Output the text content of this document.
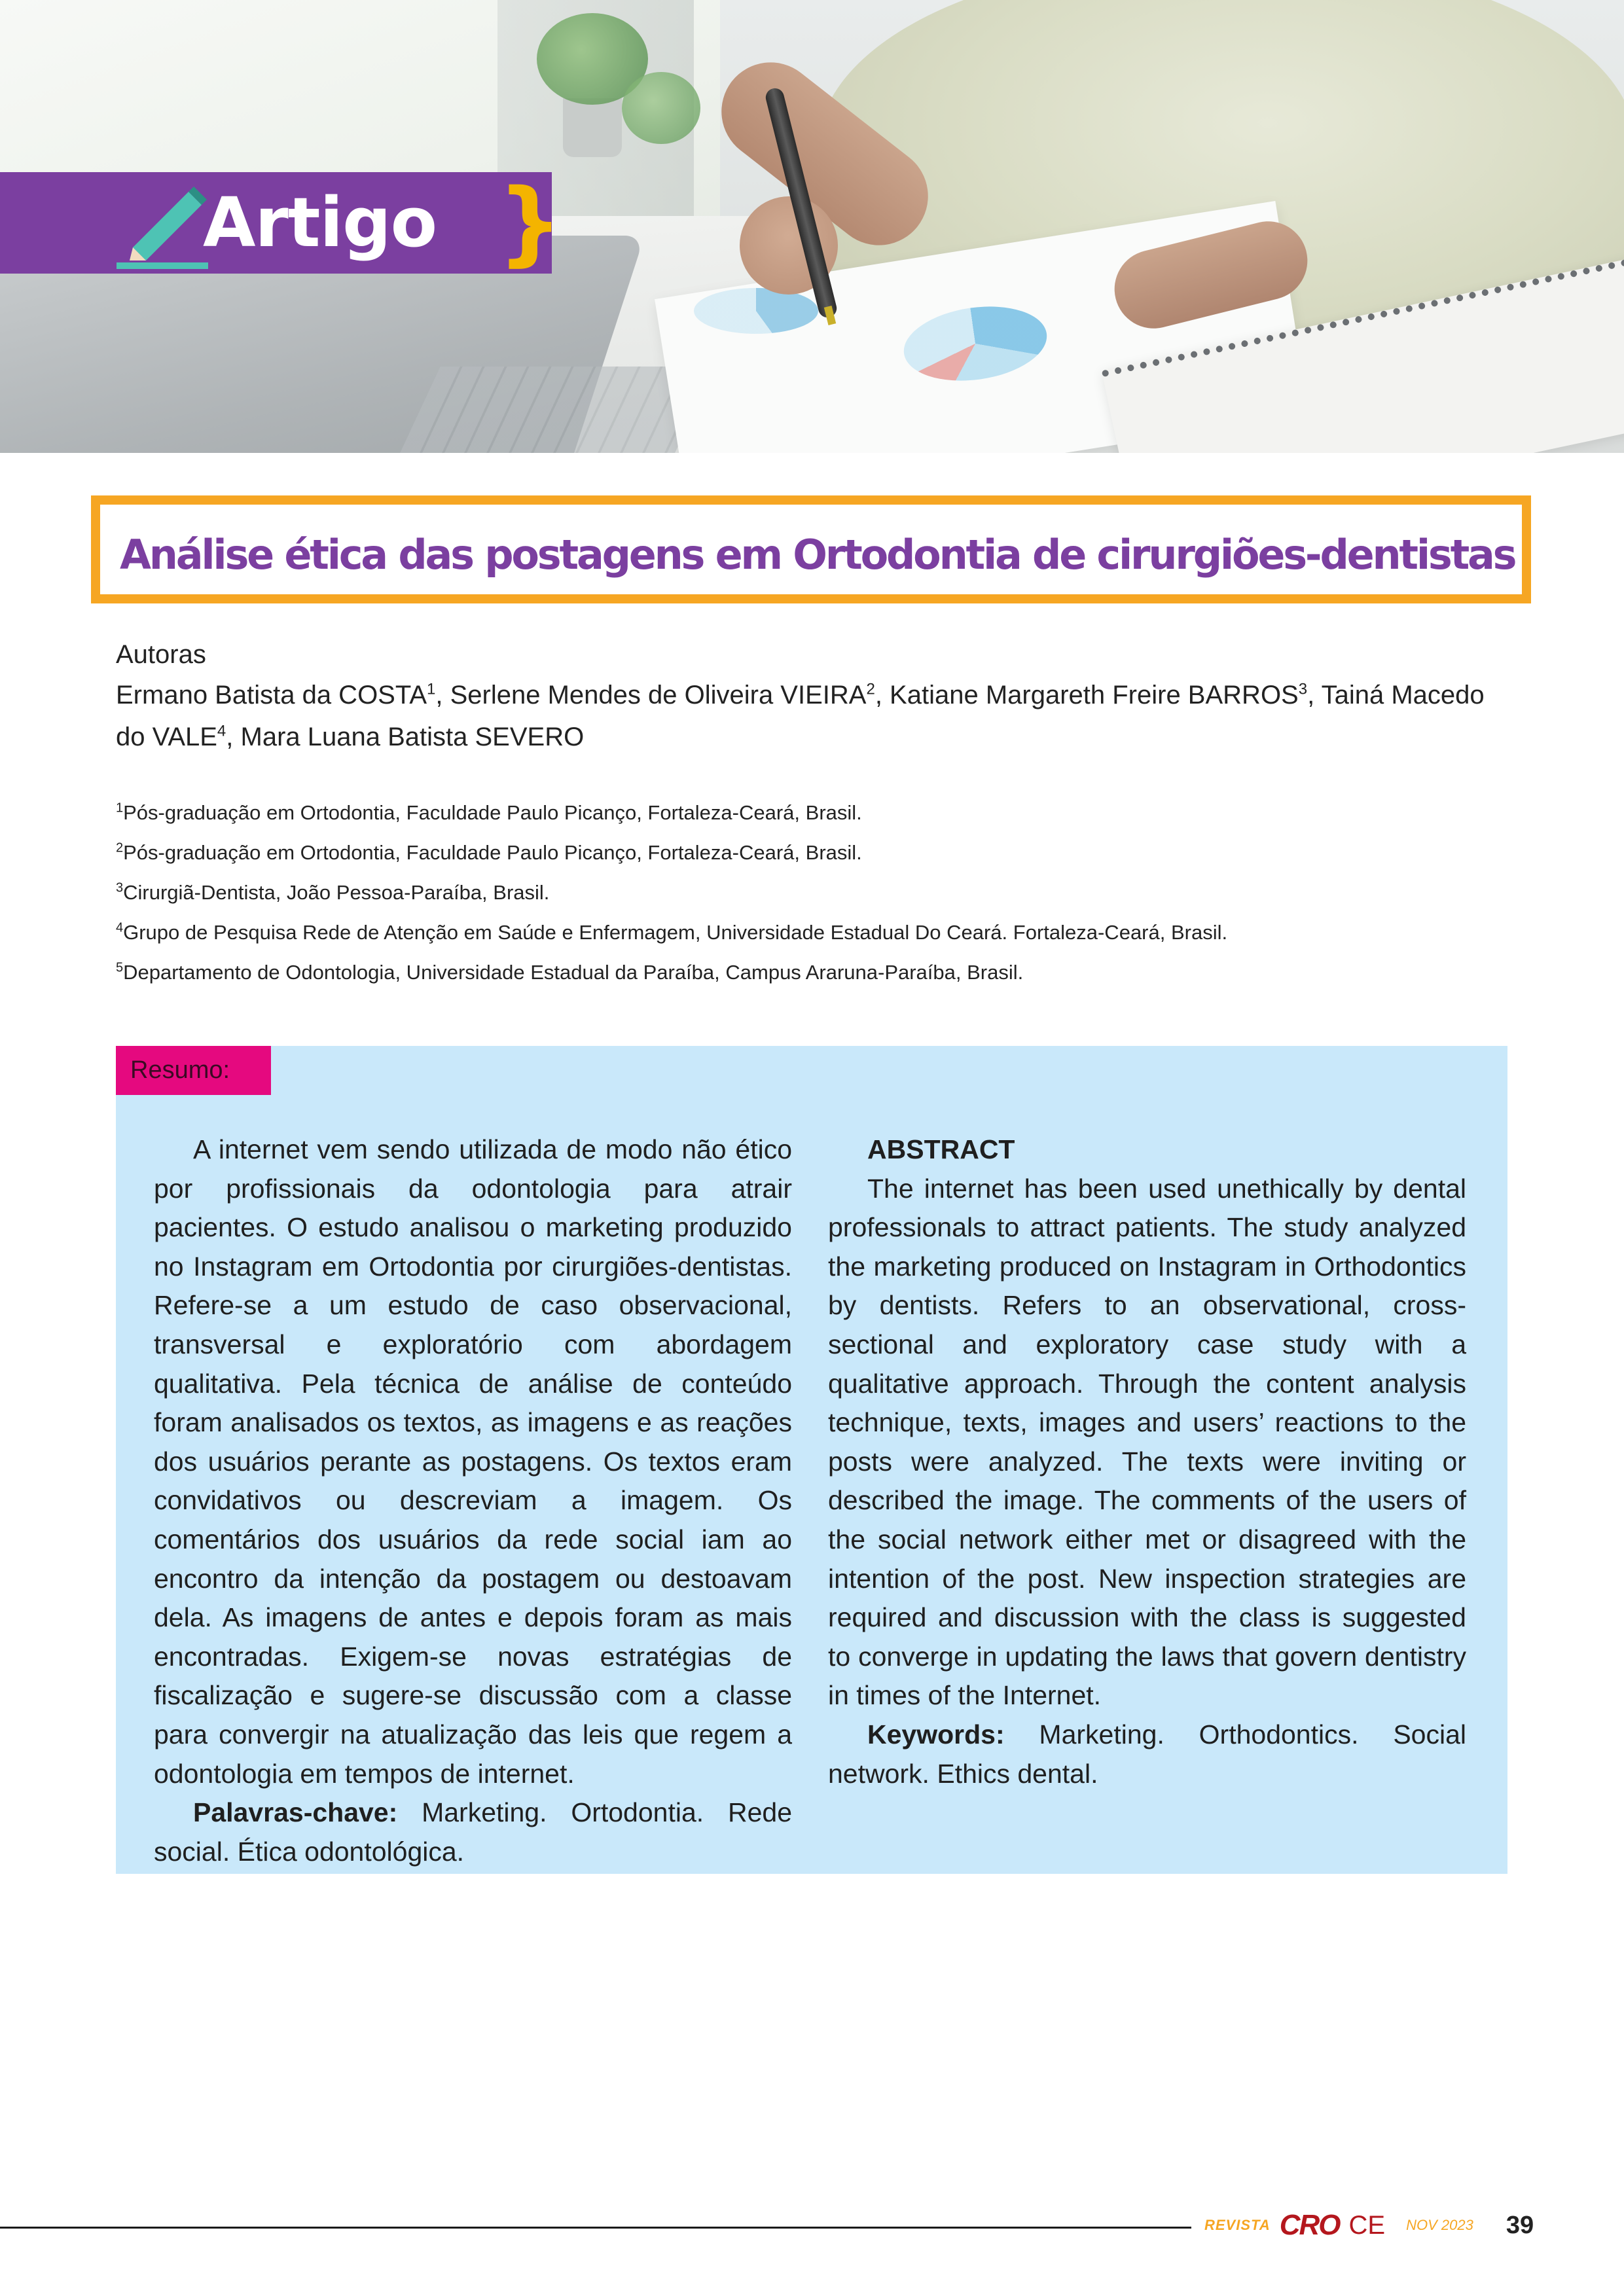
Artigo }
Análise ética das postagens em Ortodontia de cirurgiões-dentistas
Autoras
Ermano Batista da COSTA$^1$, Serlene Mendes de Oliveira VIEIRA$^2$, Katiane Margareth Freire BARROS$^3$, Tainá Macedo do VALE$^4$, Mara Luana Batista SEVERO
$^1$Pós-graduação em Ortodontia, Faculdade Paulo Picanço, Fortaleza-Ceará, Brasil.
$^2$Pós-graduação em Ortodontia, Faculdade Paulo Picanço, Fortaleza-Ceará, Brasil.
$^3$Cirurgiã-Dentista, João Pessoa-Paraíba, Brasil.
$^4$Grupo de Pesquisa Rede de Atenção em Saúde e Enfermagem, Universidade Estadual Do Ceará. Fortaleza-Ceará, Brasil.
$^5$Departamento de Odontologia, Universidade Estadual da Paraíba, Campus Araruna-Paraíba, Brasil.
Resumo:

A internet vem sendo utilizada de modo não ético por profissionais da odontologia para atrair pacientes. O estudo analisou o marketing produzido no Instagram em Ortodontia por cirurgiões-dentistas. Refere-se a um estudo de caso observacional, transversal e exploratório com abordagem qualitativa. Pela técnica de análise de conteúdo foram analisados os textos, as imagens e as reações dos usuários perante as postagens. Os textos eram convidativos ou descreviam a imagem. Os comentários dos usuários da rede social iam ao encontro da intenção da postagem ou destoavam dela. As imagens de antes e depois foram as mais encontradas. Exigem-se novas estratégias de fiscalização e sugere-se discussão com a classe para convergir na atualização das leis que regem a odontologia em tempos de internet.

Palavras-chave: Marketing. Ortodontia. Rede social. Ética odontológica.

ABSTRACT

The internet has been used unethically by dental professionals to attract patients. The study analyzed the marketing produced on Instagram in Orthodontics by dentists. Refers to an observational, cross-sectional and exploratory case study with a qualitative approach. Through the content analysis technique, texts, images and users’ reactions to the posts were analyzed. The texts were inviting or described the image. The comments of the users of the social network either met or disagreed with the intention of the post. New inspection strategies are required and discussion with the class is suggested to converge in updating the laws that govern dentistry in times of the Internet.

Keywords: Marketing. Orthodontics. Social network. Ethics dental.

REVISTA CRO CE NOV 2023 39
